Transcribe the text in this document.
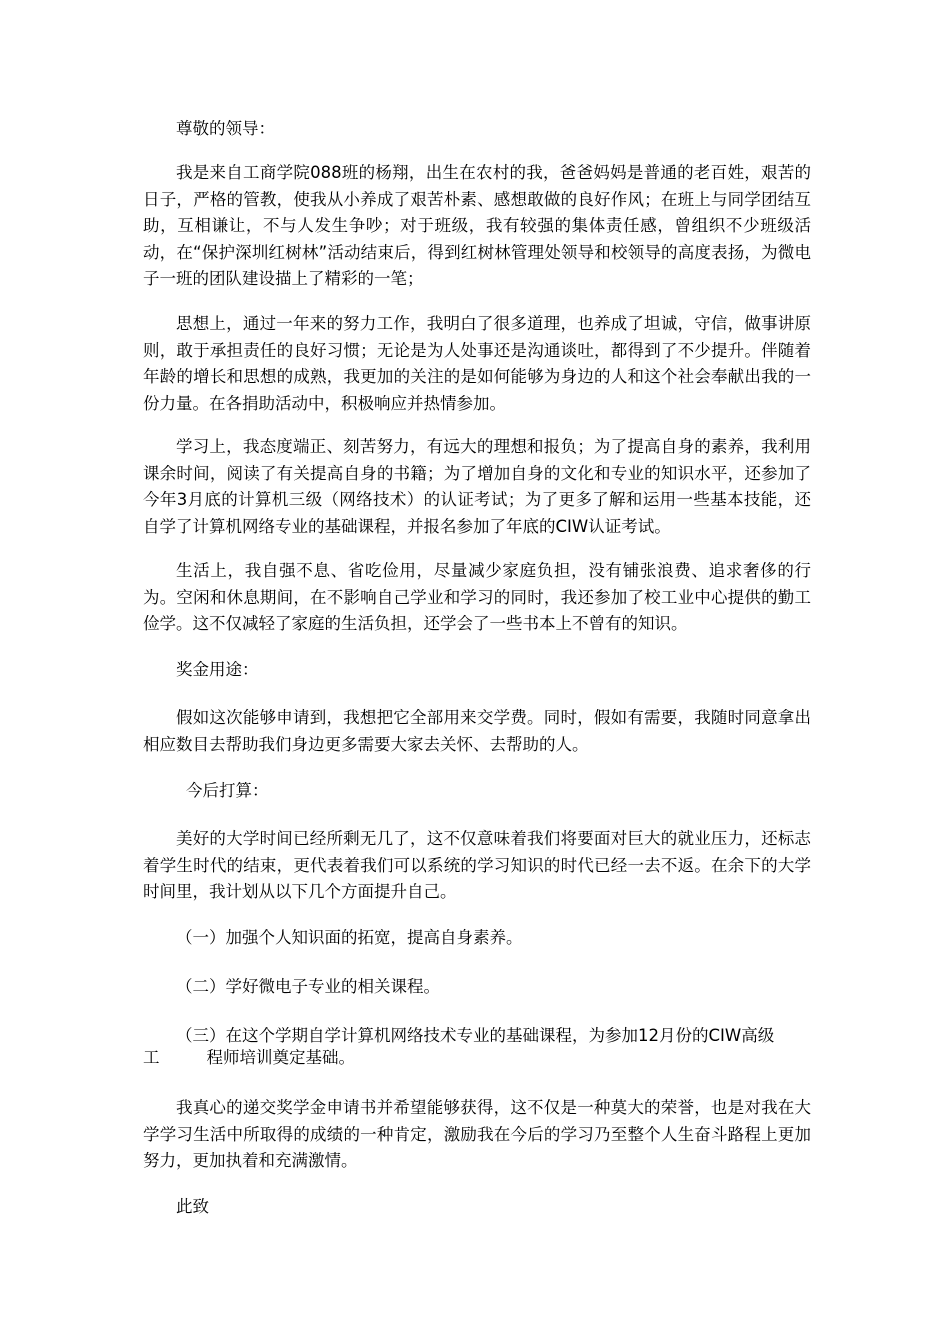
尊敬的领导：

我是来自工商学院088班的杨翔，出生在农村的我，爸爸妈妈是普通的老百姓，艰苦的日子，严格的管教，使我从小养成了艰苦朴素、感想敢做的良好作风；在班上与同学团结互助，互相谦让，不与人发生争吵；对于班级，我有较强的集体责任感，曾组织不少班级活动，在“保护深圳红树林”活动结束后，得到红树林管理处领导和校领导的高度表扬，为微电子一班的团队建设描上了精彩的一笔；

思想上，通过一年来的努力工作，我明白了很多道理，也养成了坦诚，守信，做事讲原则，敢于承担责任的良好习惯；无论是为人处事还是沟通谈吐，都得到了不少提升。伴随着年龄的增长和思想的成熟，我更加的关注的是如何能够为身边的人和这个社会奉献出我的一份力量。在各捐助活动中，积极响应并热情参加。

学习上，我态度端正、刻苦努力，有远大的理想和报负；为了提高自身的素养，我利用课余时间，阅读了有关提高自身的书籍；为了增加自身的文化和专业的知识水平，还参加了今年3月底的计算机三级（网络技术）的认证考试；为了更多了解和运用一些基本技能，还自学了计算机网络专业的基础课程，并报名参加了年底的CIW认证考试。

生活上，我自强不息、省吃俭用，尽量减少家庭负担，没有铺张浪费、追求奢侈的行为。空闲和休息期间，在不影响自己学业和学习的同时，我还参加了校工业中心提供的勤工俭学。这不仅减轻了家庭的生活负担，还学会了一些书本上不曾有的知识。

奖金用途：

假如这次能够申请到，我想把它全部用来交学费。同时，假如有需要，我随时同意拿出相应数目去帮助我们身边更多需要大家去关怀、去帮助的人。

今后打算：

美好的大学时间已经所剩无几了，这不仅意味着我们将要面对巨大的就业压力，还标志着学生时代的结束，更代表着我们可以系统的学习知识的时代已经一去不返。在余下的大学时间里，我计划从以下几个方面提升自己。

（一）加强个人知识面的拓宽，提高自身素养。

（二）学好微电子专业的相关课程。

（三）在这个学期自学计算机网络技术专业的基础课程，为参加12月份的CIW高级

工	程师培训奠定基础。

我真心的递交奖学金申请书并希望能够获得，这不仅是一种莫大的荣誉，也是对我在大学学习生活中所取得的成绩的一种肯定，激励我在今后的学习乃至整个人生奋斗路程上更加努力，更加执着和充满激情。

此致
